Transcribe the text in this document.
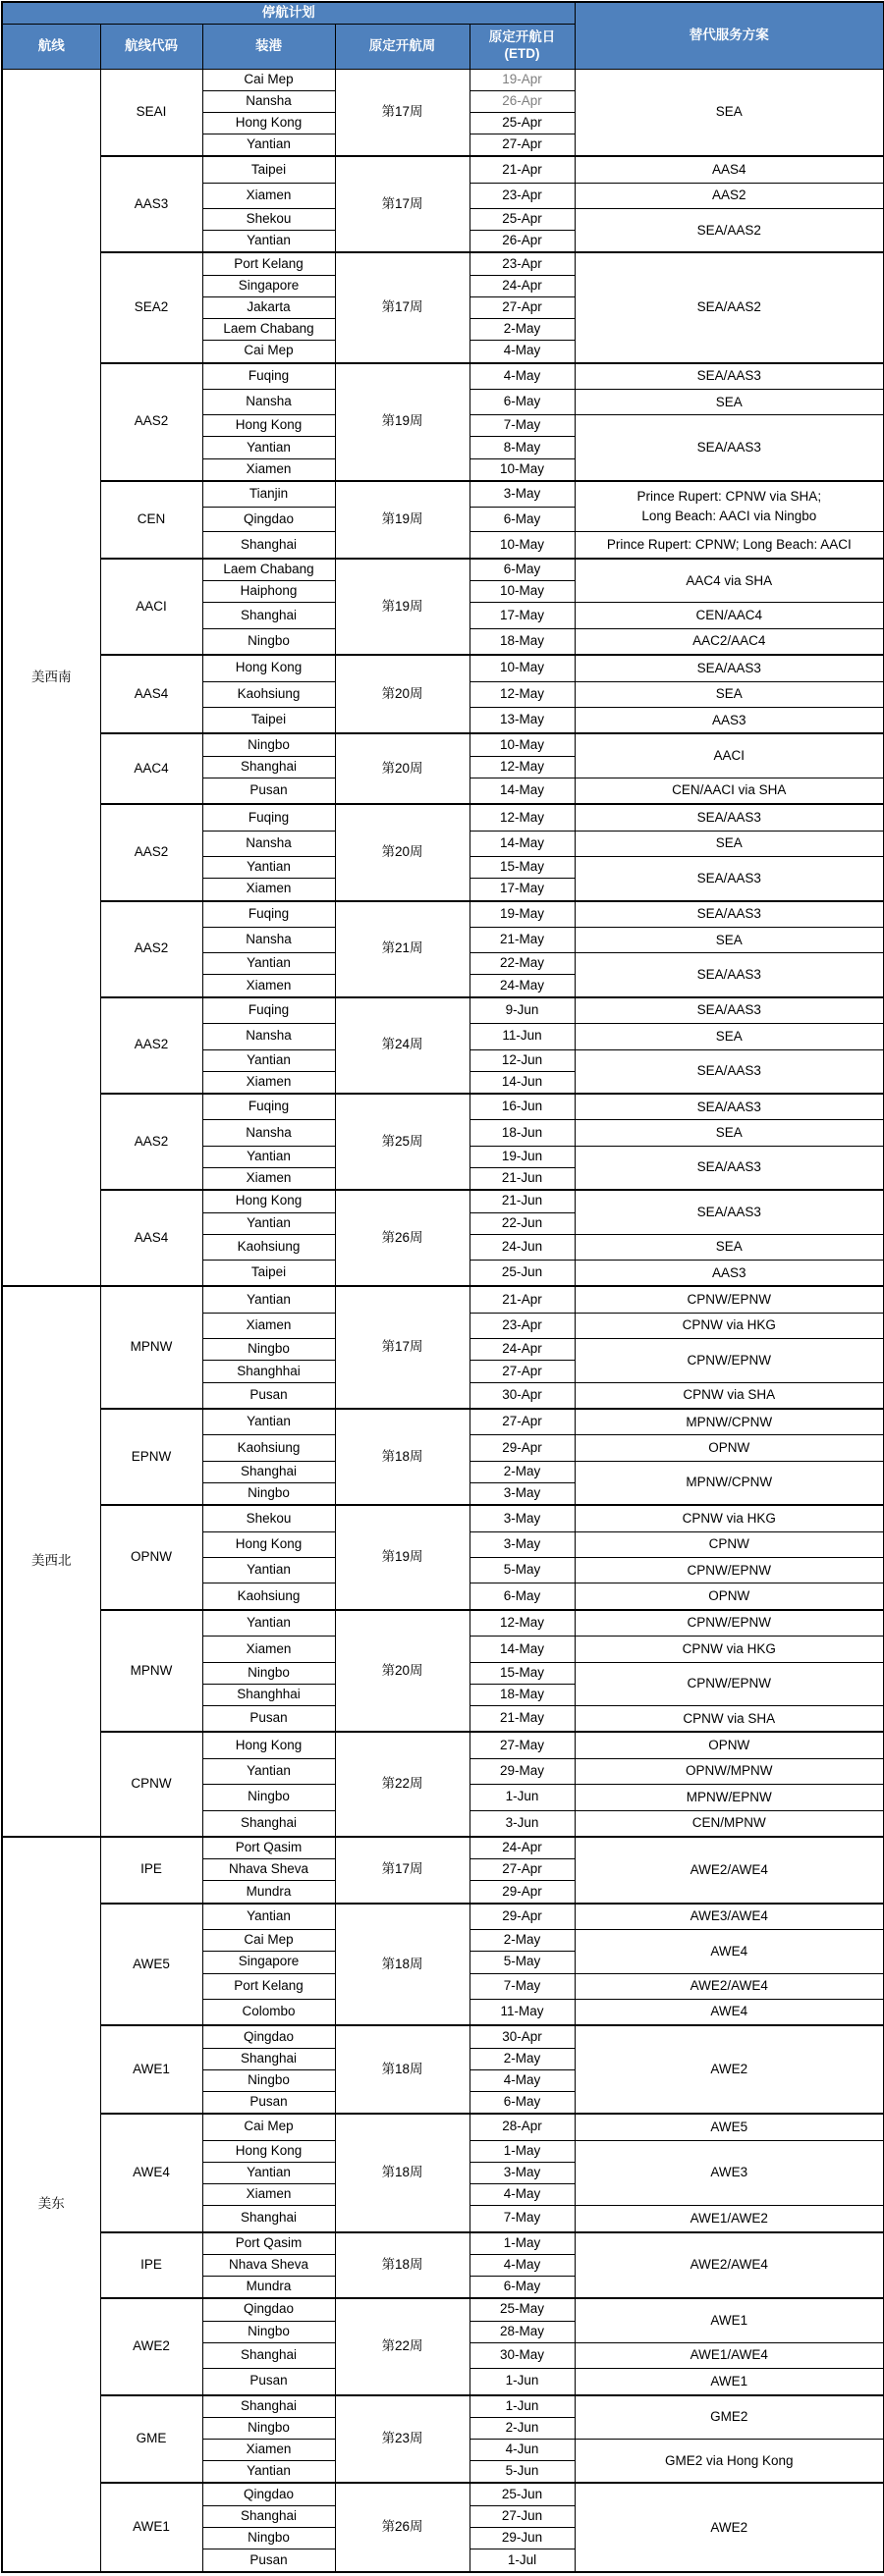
停航计划					替代服务方案
航线	航线代码	装港	原定开航周	原定开航日
(ETD)	

美西南	SEAI	Cai Mep	第17周	19-Apr	SEA
		Nansha		26-Apr	
		Hong Kong		25-Apr	
		Yantian		27-Apr	
	AAS3	Taipei	第17周	21-Apr	AAS4
		Xiamen		23-Apr	AAS2
		Shekou		25-Apr	SEA/AAS2
		Yantian		26-Apr	
	SEA2	Port Kelang	第17周	23-Apr	SEA/AAS2
		Singapore		24-Apr	
		Jakarta		27-Apr	
		Laem Chabang		2-May	
		Cai Mep		4-May	
	AAS2	Fuqing	第19周	4-May	SEA/AAS3
		Nansha		6-May	SEA
		Hong Kong		7-May	SEA/AAS3
		Yantian		8-May	
		Xiamen		10-May	
	CEN	Tianjin	第19周	3-May	Prince Rupert: CPNW via SHA;
Long Beach: AACI via Ningbo
		Qingdao		6-May	
		Shanghai		10-May	Prince Rupert: CPNW; Long Beach: AACI
	AACI	Laem Chabang	第19周	6-May	AAC4 via SHA
		Haiphong		10-May	
		Shanghai		17-May	CEN/AAC4
		Ningbo		18-May	AAC2/AAC4
	AAS4	Hong Kong	第20周	10-May	SEA/AAS3
		Kaohsiung		12-May	SEA
		Taipei		13-May	AAS3
	AAC4	Ningbo	第20周	10-May	AACI
		Shanghai		12-May	
		Pusan		14-May	CEN/AACI via SHA
	AAS2	Fuqing	第20周	12-May	SEA/AAS3
		Nansha		14-May	SEA
		Yantian		15-May	SEA/AAS3
		Xiamen		17-May	
	AAS2	Fuqing	第21周	19-May	SEA/AAS3
		Nansha		21-May	SEA
		Yantian		22-May	SEA/AAS3
		Xiamen		24-May	
	AAS2	Fuqing	第24周	9-Jun	SEA/AAS3
		Nansha		11-Jun	SEA
		Yantian		12-Jun	SEA/AAS3
		Xiamen		14-Jun	
	AAS2	Fuqing	第25周	16-Jun	SEA/AAS3
		Nansha		18-Jun	SEA
		Yantian		19-Jun	SEA/AAS3
		Xiamen		21-Jun	
	AAS4	Hong Kong	第26周	21-Jun	SEA/AAS3
		Yantian		22-Jun	
		Kaohsiung		24-Jun	SEA
		Taipei		25-Jun	AAS3
美西北	MPNW	Yantian	第17周	21-Apr	CPNW/EPNW
		Xiamen		23-Apr	CPNW via HKG
		Ningbo		24-Apr	CPNW/EPNW
		Shanghhai		27-Apr	
		Pusan		30-Apr	CPNW via SHA
	EPNW	Yantian	第18周	27-Apr	MPNW/CPNW
		Kaohsiung		29-Apr	OPNW
		Shanghai		2-May	MPNW/CPNW
		Ningbo		3-May	
	OPNW	Shekou	第19周	3-May	CPNW via HKG
		Hong Kong		3-May	CPNW
		Yantian		5-May	CPNW/EPNW
		Kaohsiung		6-May	OPNW
	MPNW	Yantian	第20周	12-May	CPNW/EPNW
		Xiamen		14-May	CPNW via HKG
		Ningbo		15-May	CPNW/EPNW
		Shanghhai		18-May	
		Pusan		21-May	CPNW via SHA
	CPNW	Hong Kong	第22周	27-May	OPNW
		Yantian		29-May	OPNW/MPNW
		Ningbo		1-Jun	MPNW/EPNW
		Shanghai		3-Jun	CEN/MPNW
美东	IPE	Port Qasim	第17周	24-Apr	AWE2/AWE4
		Nhava Sheva		27-Apr	
		Mundra		29-Apr	
	AWE5	Yantian	第18周	29-Apr	AWE3/AWE4
		Cai Mep		2-May	AWE4
		Singapore		5-May	
		Port Kelang		7-May	AWE2/AWE4
		Colombo		11-May	AWE4
	AWE1	Qingdao	第18周	30-Apr	AWE2
		Shanghai		2-May	
		Ningbo		4-May	
		Pusan		6-May	
	AWE4	Cai Mep	第18周	28-Apr	AWE5
		Hong Kong		1-May	AWE3
		Yantian		3-May	
		Xiamen		4-May	
		Shanghai		7-May	AWE1/AWE2
	IPE	Port Qasim	第18周	1-May	AWE2/AWE4
		Nhava Sheva		4-May	
		Mundra		6-May	
	AWE2	Qingdao	第22周	25-May	AWE1
		Ningbo		28-May	
		Shanghai		30-May	AWE1/AWE4
		Pusan		1-Jun	AWE1
	GME	Shanghai	第23周	1-Jun	GME2
		Ningbo		2-Jun	
		Xiamen		4-Jun	GME2 via Hong Kong
		Yantian		5-Jun	
	AWE1	Qingdao	第26周	25-Jun	AWE2
		Shanghai		27-Jun	
		Ningbo		29-Jun	
		Pusan		1-Jul	
